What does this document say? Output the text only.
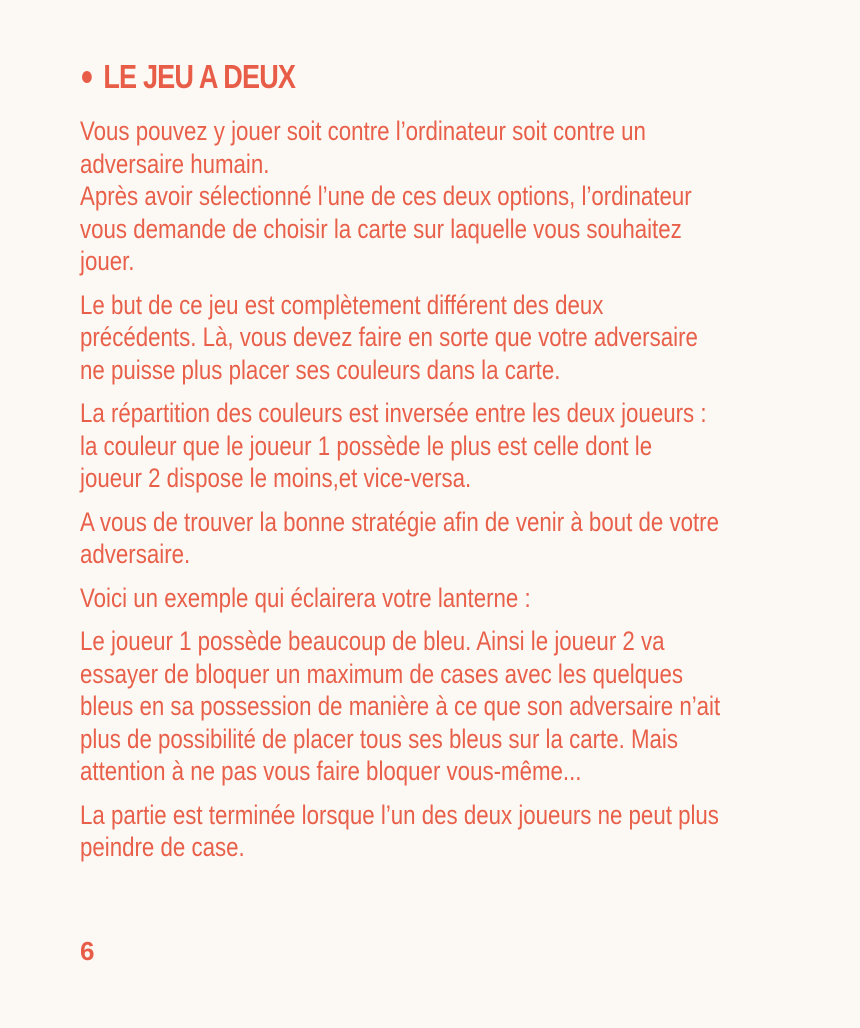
LE JEU A DEUX

Vous pouvez y jouer soit contre l’ordinateur soit contre un
adversaire humain.
Après avoir sélectionné l’une de ces deux options, l’ordinateur
vous demande de choisir la carte sur laquelle vous souhaitez
jouer.

Le but de ce jeu est complètement différent des deux
précédents. Là, vous devez faire en sorte que votre adversaire
ne puisse plus placer ses couleurs dans la carte.

La répartition des couleurs est inversée entre les deux joueurs :
la couleur que le joueur 1 possède le plus est celle dont le
joueur 2 dispose le moins,et vice-versa.

A vous de trouver la bonne stratégie afin de venir à bout de votre
adversaire.

Voici un exemple qui éclairera votre lanterne :

Le joueur 1 possède beaucoup de bleu. Ainsi le joueur 2 va
essayer de bloquer un maximum de cases avec les quelques
bleus en sa possession de manière à ce que son adversaire n’ait
plus de possibilité de placer tous ses bleus sur la carte. Mais
attention à ne pas vous faire bloquer vous-même...

La partie est terminée lorsque l’un des deux joueurs ne peut plus
peindre de case.

6
